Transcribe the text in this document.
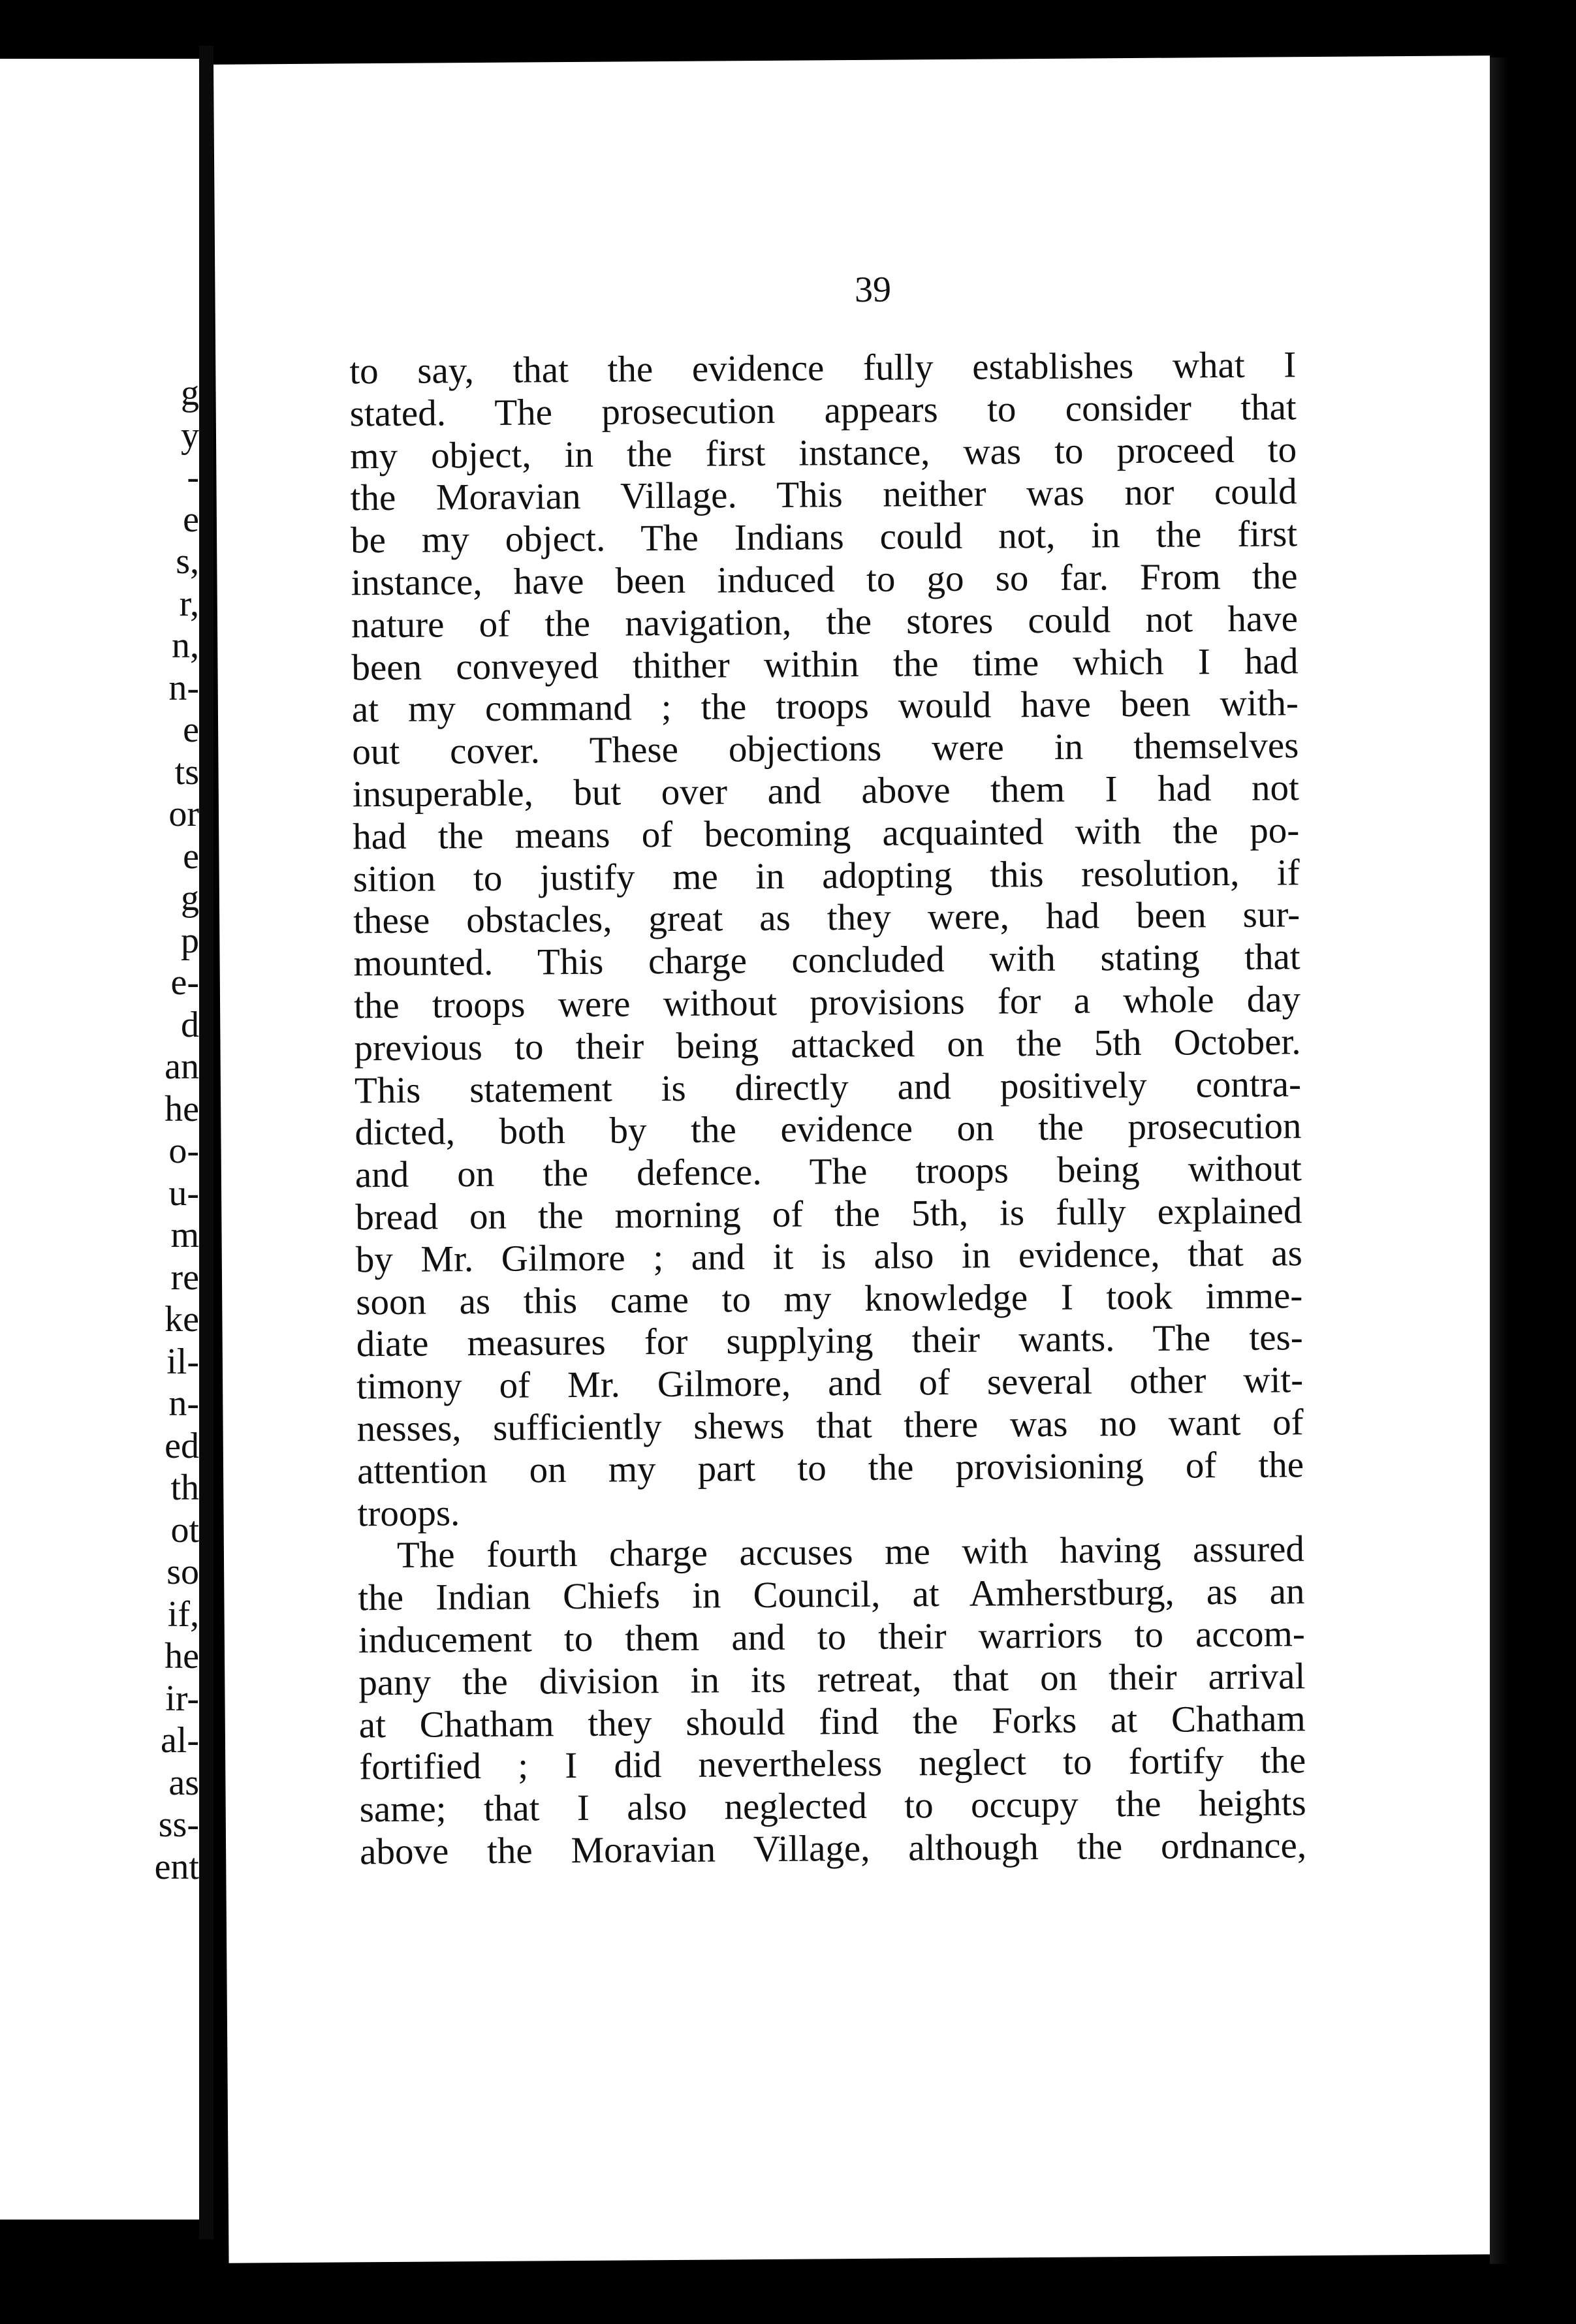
g
y
-
e
s,
r,
n,
n-
e
ts
or
e
g
p
e-
d
an
he
o-
u-
m
re
ke
il-
n-
ed
th
ot
so
if,
he
ir-
al-
as
ss-
ent
39
to say, that the evidence fully establishes what I
stated. The prosecution appears to consider that
my object, in the first instance, was to proceed to
the Moravian Village. This neither was nor could
be my object. The Indians could not, in the first
instance, have been induced to go so far. From the
nature of the navigation, the stores could not have
been conveyed thither within the time which I had
at my command ; the troops would have been with-
out cover. These objections were in themselves
insuperable, but over and above them I had not
had the means of becoming acquainted with the po-
sition to justify me in adopting this resolution, if
these obstacles, great as they were, had been sur-
mounted. This charge concluded with stating that
the troops were without provisions for a whole day
previous to their being attacked on the 5th October.
This statement is directly and positively contra-
dicted, both by the evidence on the prosecution
and on the defence. The troops being without
bread on the morning of the 5th, is fully explained
by Mr. Gilmore ; and it is also in evidence, that as
soon as this came to my knowledge I took imme-
diate measures for supplying their wants. The tes-
timony of Mr. Gilmore, and of several other wit-
nesses, sufficiently shews that there was no want of
attention on my part to the provisioning of the
troops.
The fourth charge accuses me with having assured
the Indian Chiefs in Council, at Amherstburg, as an
inducement to them and to their warriors to accom-
pany the division in its retreat, that on their arrival
at Chatham they should find the Forks at Chatham
fortified ; I did nevertheless neglect to fortify the
same; that I also neglected to occupy the heights
above the Moravian Village, although the ordnance,
